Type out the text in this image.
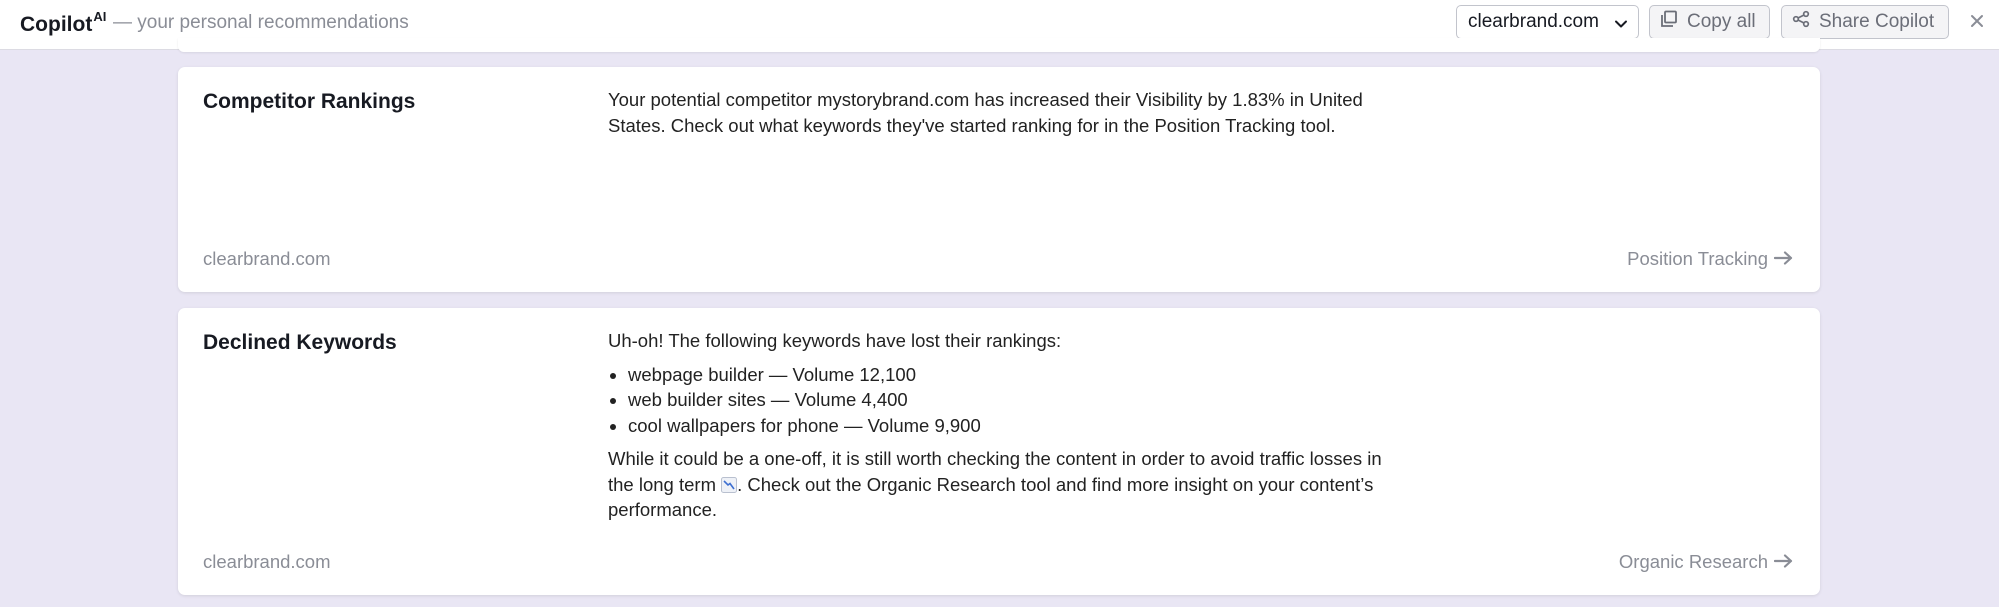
Copilot$^{AI}$ — your personal recommendations	clearbrand.com	Copy all	Share Copilot
Competitor Rankings	Your potential competitor mystorybrand.com has increased their Visibility by 1.83% in United States. Check out what keywords they've started ranking for in the Position Tracking tool.

clearbrand.com	Position Tracking
Declined Keywords	Uh-oh! The following keywords have lost their rankings:

• webpage builder — Volume 12,100
• web builder sites — Volume 4,400
• cool wallpapers for phone — Volume 9,900

While it could be a one-off, it is still worth checking the content in order to avoid traffic losses in the long term . Check out the Organic Research tool and find more insight on your content’s performance.

clearbrand.com	Organic Research
